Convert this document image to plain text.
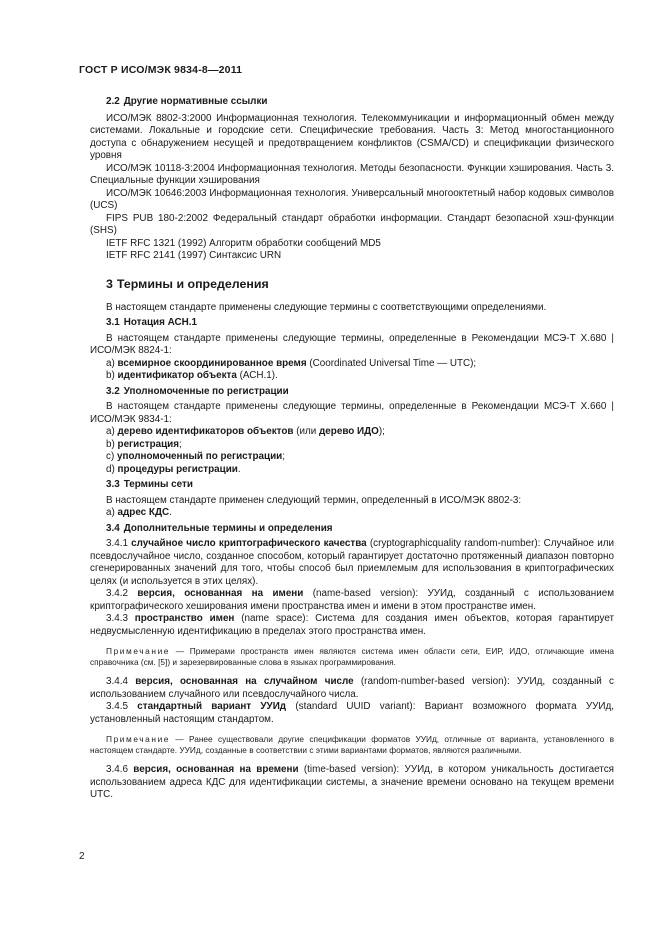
ГОСТ Р ИСО/МЭК 9834-8—2011

2.2 Другие нормативные ссылки

ИСО/МЭК 8802-3:2000 Информационная технология. Телекоммуникации и информационный обмен между системами. Локальные и городские сети. Специфические требования. Часть 3: Метод многостанционного доступа с обнаружением несущей и предотвращением конфликтов (CSMA/CD) и спецификации физического уровня

ИСО/МЭК 10118-3:2004 Информационная технология. Методы безопасности. Функции хэширования. Часть 3. Специальные функции хэширования

ИСО/МЭК 10646:2003 Информационная технология. Универсальный многооктетный набор кодовых символов (UCS)

FIPS PUB 180-2:2002 Федеральный стандарт обработки информации. Стандарт безопасной хэш-функции (SHS)

IETF RFC 1321 (1992) Алгоритм обработки сообщений MD5

IETF RFC 2141 (1997) Синтаксис URN

3 Термины и определения

В настоящем стандарте применены следующие термины с соответствующими определениями.

3.1 Нотация АСН.1

В настоящем стандарте применены следующие термины, определенные в Рекомендации МСЭ-Т X.680 | ИСО/МЭК 8824-1:

a) всемирное скоординированное время (Coordinated Universal Time — UTC);

b) идентификатор объекта (АСН.1).

3.2 Уполномоченные по регистрации

В настоящем стандарте применены следующие термины, определенные в Рекомендации МСЭ-Т X.660 | ИСО/МЭК 9834-1:

a) дерево идентификаторов объектов (или дерево ИДО);

b) регистрация;

c) уполномоченный по регистрации;

d) процедуры регистрации.

3.3 Термины сети

В настоящем стандарте применен следующий термин, определенный в ИСО/МЭК 8802-3:

a) адрес КДС.

3.4 Дополнительные термины и определения

3.4.1 случайное число криптографического качества (cryptographicquality random-number): Случайное или псевдослучайное число, созданное способом, который гарантирует достаточно протяженный диапазон повторно сгенерированных значений для того, чтобы способ был приемлемым для использования в криптографических целях (и используется в этих целях).

3.4.2 версия, основанная на имени (name-based version): УУИд, созданный с использованием криптографического хеширования имени пространства имен и имени в этом пространстве имен.

3.4.3 пространство имен (name space): Система для создания имен объектов, которая гарантирует недвусмысленную идентификацию в пределах этого пространства имен.

Примечание — Примерами пространств имен являются система имен области сети, ЕИР, ИДО, отличающие имена справочника (см. [5]) и зарезервированные слова в языках программирования.

3.4.4 версия, основанная на случайном числе (random-number-based version): УУИд, созданный с использованием случайного или псевдослучайного числа.

3.4.5 стандартный вариант УУИд (standard UUID variant): Вариант возможного формата УУИд, установленный настоящим стандартом.

Примечание — Ранее существовали другие спецификации форматов УУИд, отличные от варианта, установленного в настоящем стандарте. УУИд, созданные в соответствии с этими вариантами форматов, являются различными.

3.4.6 версия, основанная на времени (time-based version): УУИд, в котором уникальность достигается использованием адреса КДС для идентификации системы, а значение времени основано на текущем времени UTC.

2
